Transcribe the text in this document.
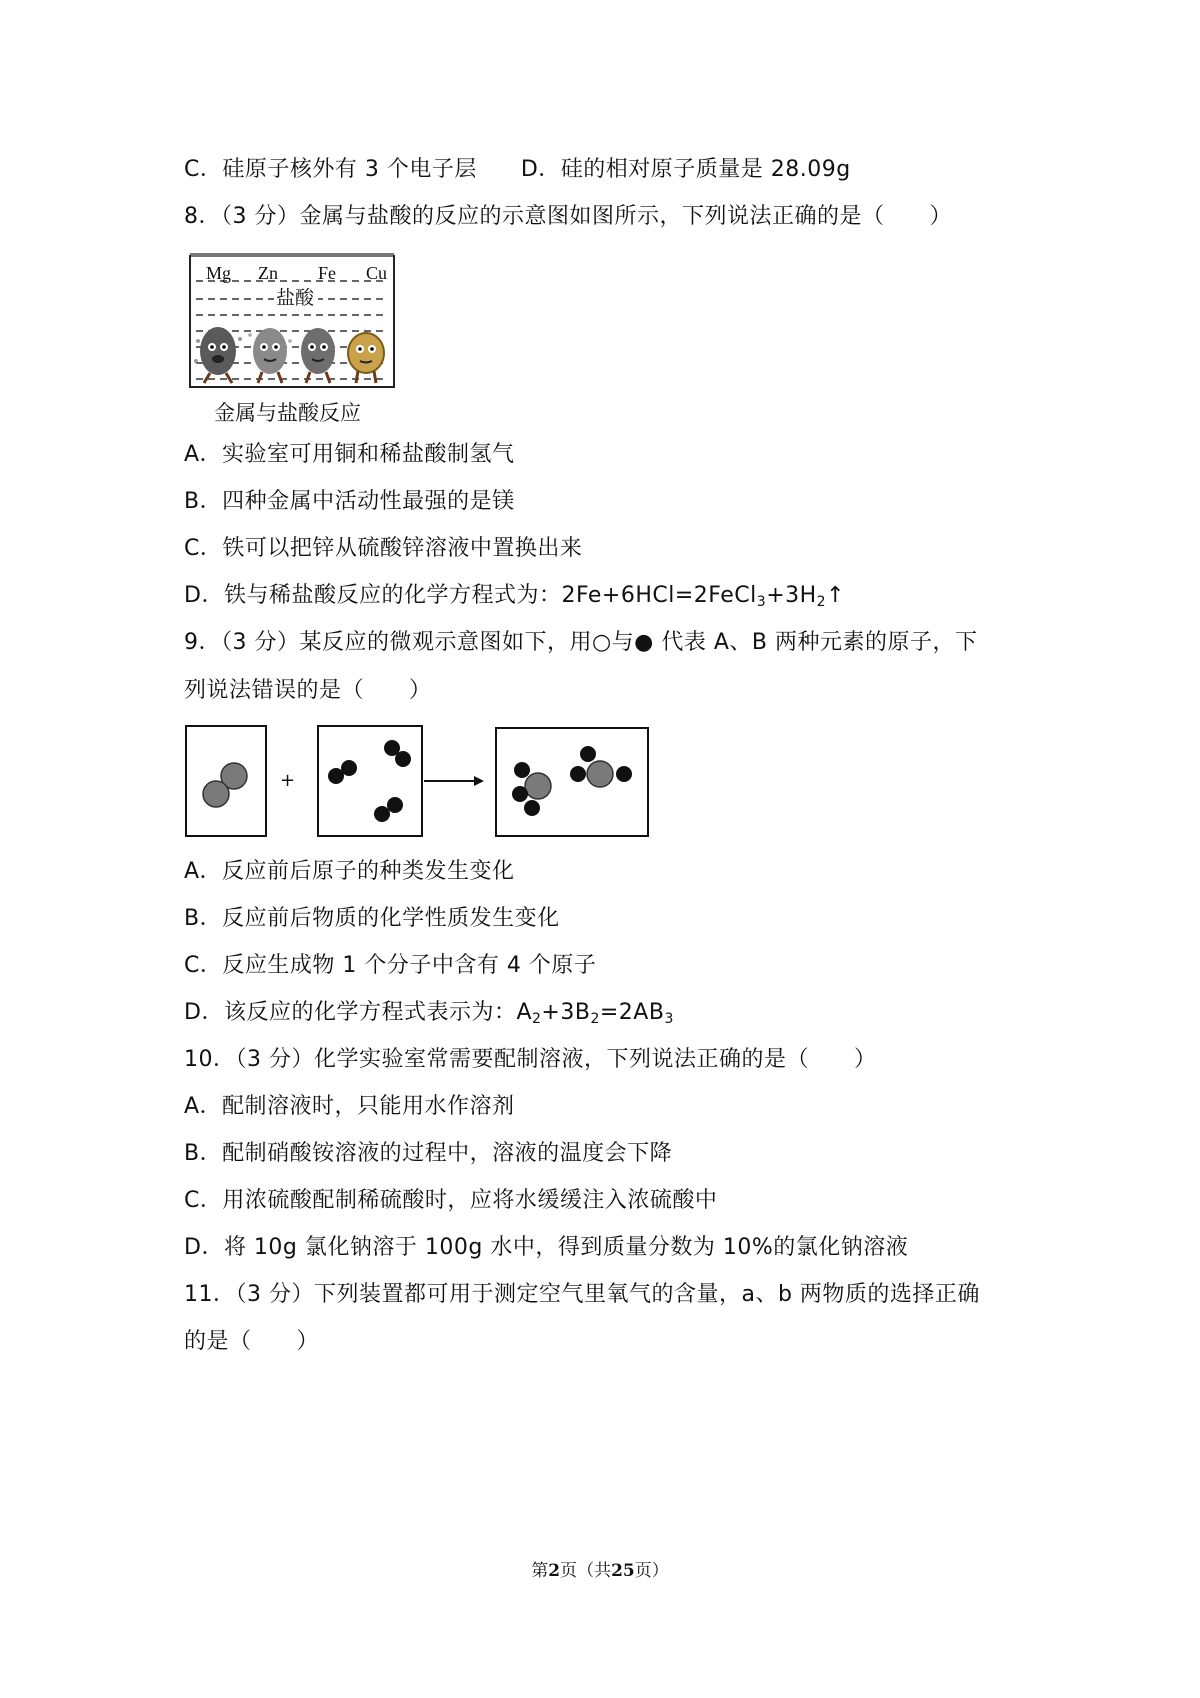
C．硅原子核外有 3 个电子层 D．硅的相对原子质量是 28.09g
8．（3 分）金属与盐酸的反应的示意图如图所示，下列说法正确的是（　　）
Mg Zn Fe Cu
盐酸
金属与盐酸反应
A．实验室可用铜和稀盐酸制氢气
B．四种金属中活动性最强的是镁
C．铁可以把锌从硫酸锌溶液中置换出来
D．铁与稀盐酸反应的化学方程式为：$2Fe+6HCl=2FeCl_3+3H_2↑$
9．（3 分）某反应的微观示意图如下，用○与● 代表 A、B 两种元素的原子，下
列说法错误的是（　　）
+
A．反应前后原子的种类发生变化
B．反应前后物质的化学性质发生变化
C．反应生成物 1 个分子中含有 4 个原子
D．该反应的化学方程式表示为：$A_2+3B_2=2AB_3$
10．（3 分）化学实验室常需要配制溶液，下列说法正确的是（　　）
A．配制溶液时，只能用水作溶剂
B．配制硝酸铵溶液的过程中，溶液的温度会下降
C．用浓硫酸配制稀硫酸时，应将水缓缓注入浓硫酸中
D．将 10g 氯化钠溶于 100g 水中，得到质量分数为 10%的氯化钠溶液
11．（3 分）下列装置都可用于测定空气里氧气的含量，a、b 两物质的选择正确
的是（　　）
第2页（共25页）
